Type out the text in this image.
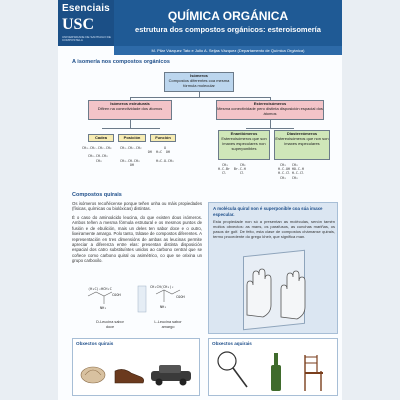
Esenciais
USC
UNIVERSIDADE DE SANTIAGO DE COMPOSTELA
QUÍMICA ORGÁNICA
estrutura dos compostos orgánicos: esteroisomería
M. Pilar Vázquez Tato e Julio A. Seijas Vázquez (Departamento de Química Orgánica)
A isomería nos compostos orgánicos
Isómeros
Compostos diferentes coa mesma fórmula molecular
Isómeros estruturais
Difiren na conectividade dos átomos
Estereoisómeros
Mesma conectividade pero distinta disposición espacial dos átomos
Cadea	Posición	Función
CH₃-CH₂-CH₂-CH₃

CH₃-CH-CH₃
CH₃
CH₃-CH₂-CH₂
OH

CH₃-CH-CH₃
OH
O
H₃C  OH

H₃C-O-CH₃
Enantiómeros
Estereoisómeros que son imaxes especulares non superponibles
Diastereómeros
Estereoisómeros que non son imaxes especulares
CH₃      CH₃
H-C-Br  Br-C-H
Cl       Cl
CH₃   CH₃
H-C-OH HO-C-H
H-C-Cl H-C-Cl
CH₃   CH₃
Compostos quirais
Os isómeros recoñécense porque teñen unha ou máis propiedades (físicas, químicas ou biolóxicas) distintas.
É o caso do aminoácido leucina, do que existen dous isómeros. Ambos teñen a mesma fórmula estrutural e os mesmos puntos de fusión e de ebulición, mais un deles ten sabor doce e o outro, lixeiramente amargo. Polo tanto, trátase de compostos diferentes. A representación en tres dimensións de ambas as leucinas permite apreciar a diferenza entre elas: presentan distinta disposición espacial dos catro substituíntes unidos ao carbono central que se coñece como carbono quiral ou asimétrico, co que se orixina un grupo carboxilo.
(H₃C)₂HCH₂C
COOH
NH₂
CH₂CH(CH₃)₂
COOH
NH₂
D-Leucina sabor doce
L-Leucina sabor amargo
A molécula quiral non é superponible coa súa imaxe especular.
Esta propiedade non só a presentan as moléculas, senón tamén moitos obxectos: as mans, os parafusos, as cunchas mariñas, os pasos de golf. De feito, esta clase de compostos chámanse quirais, termo procedente do grego kheir, que significa man.
Obxectos quirais	Obxectos aquirais
